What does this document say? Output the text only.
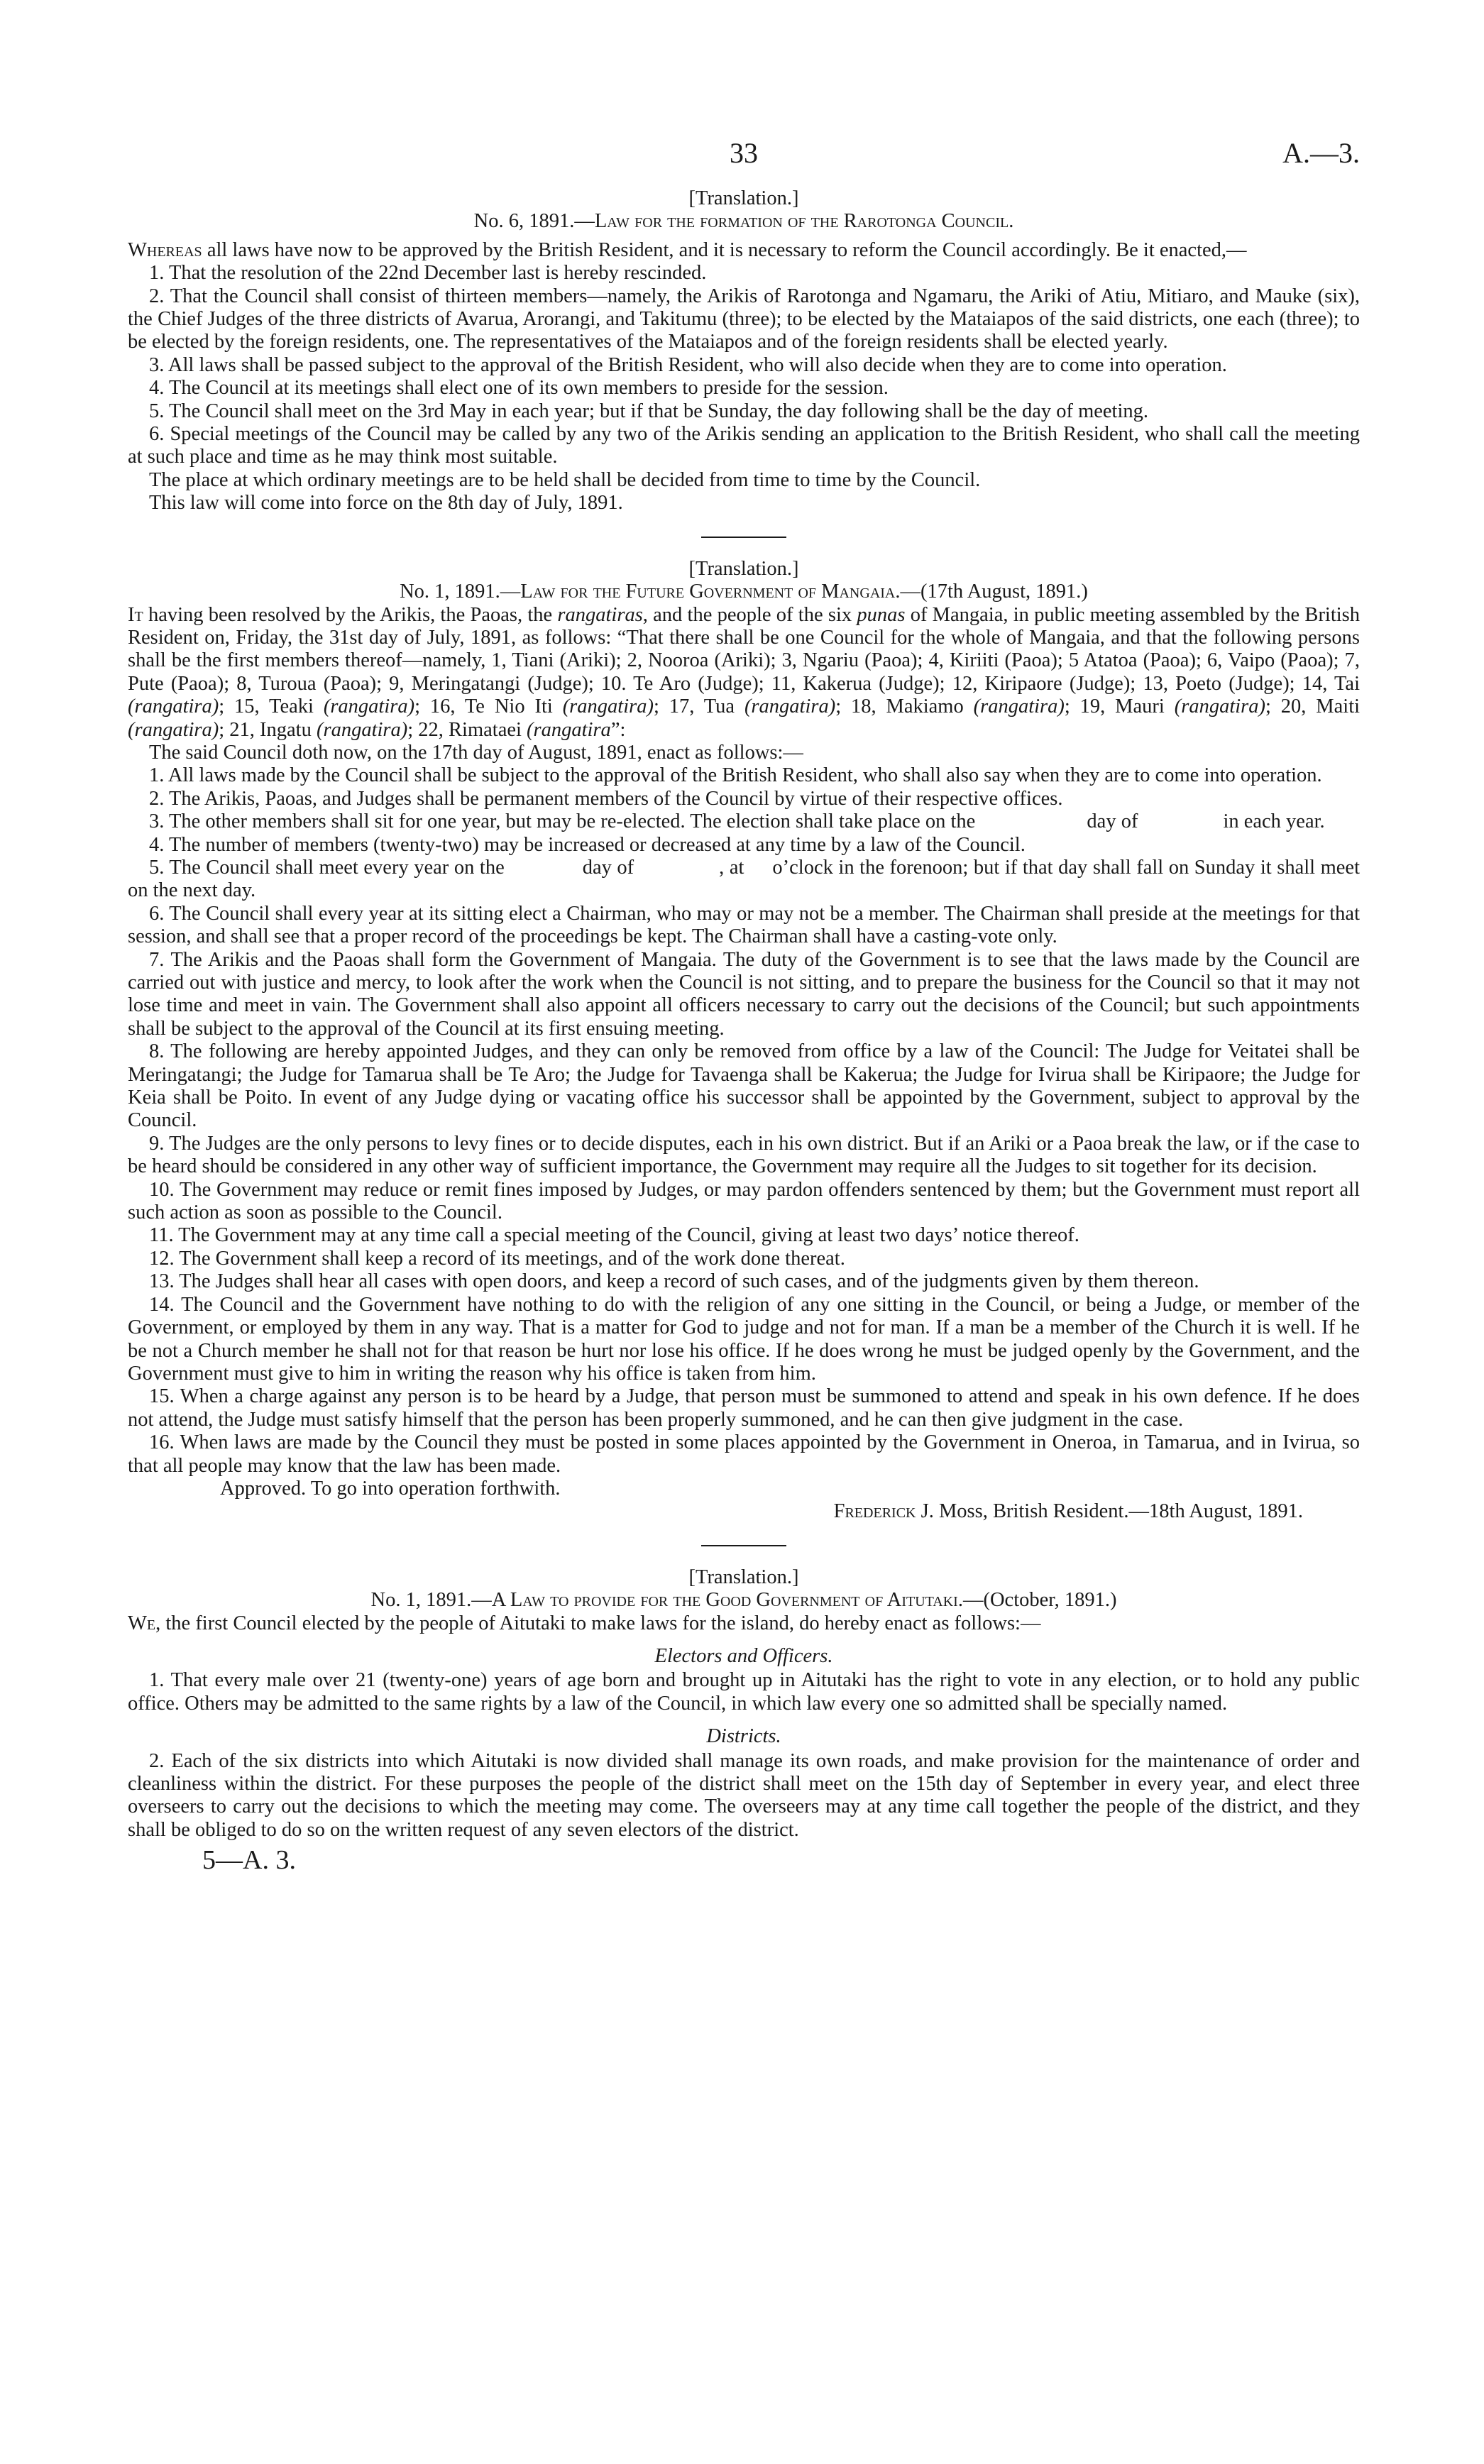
33	A.—3.

[Translation.]

No. 6, 1891.—Law for the formation of the Rarotonga Council.

Whereas all laws have now to be approved by the British Resident, and it is necessary to reform the Council accordingly. Be it enacted,—

1. That the resolution of the 22nd December last is hereby rescinded.

2. That the Council shall consist of thirteen members—namely, the Arikis of Rarotonga and Ngamaru, the Ariki of Atiu, Mitiaro, and Mauke (six), the Chief Judges of the three districts of Avarua, Arorangi, and Takitumu (three); to be elected by the Mataiapos of the said districts, one each (three); to be elected by the foreign residents, one. The representatives of the Mataiapos and of the foreign residents shall be elected yearly.

3. All laws shall be passed subject to the approval of the British Resident, who will also decide when they are to come into operation.

4. The Council at its meetings shall elect one of its own members to preside for the session.

5. The Council shall meet on the 3rd May in each year; but if that be Sunday, the day following shall be the day of meeting.

6. Special meetings of the Council may be called by any two of the Arikis sending an application to the British Resident, who shall call the meeting at such place and time as he may think most suitable.

The place at which ordinary meetings are to be held shall be decided from time to time by the Council.

This law will come into force on the 8th day of July, 1891.

[Translation.]

No. 1, 1891.—Law for the Future Government of Mangaia.—(17th August, 1891.)

It having been resolved by the Arikis, the Paoas, the rangatiras, and the people of the six punas of Mangaia, in public meeting assembled by the British Resident on, Friday, the 31st day of July, 1891, as follows: “That there shall be one Council for the whole of Mangaia, and that the following persons shall be the first members thereof—namely, 1, Tiani (Ariki); 2, Nooroa (Ariki); 3, Ngariu (Paoa); 4, Kiriiti (Paoa); 5 Atatoa (Paoa); 6, Vaipo (Paoa); 7, Pute (Paoa); 8, Turoua (Paoa); 9, Meringatangi (Judge); 10. Te Aro (Judge); 11, Kakerua (Judge); 12, Kiripaore (Judge); 13, Poeto (Judge); 14, Tai (rangatira); 15, Teaki (rangatira); 16, Te Nio Iti (rangatira); 17, Tua (rangatira); 18, Makiamo (rangatira); 19, Mauri (rangatira); 20, Maiti (rangatira); 21, Ingatu (rangatira); 22, Rimataei (rangatira”:

The said Council doth now, on the 17th day of August, 1891, enact as follows:—

1. All laws made by the Council shall be subject to the approval of the British Resident, who shall also say when they are to come into operation.

2. The Arikis, Paoas, and Judges shall be permanent members of the Council by virtue of their respective offices.

3. The other members shall sit for one year, but may be re-elected. The election shall take place on the	day of	in each year.

4. The number of members (twenty-two) may be increased or decreased at any time by a law of the Council.

5. The Council shall meet every year on the	day of	, at o’clock in the forenoon; but if that day shall fall on Sunday it shall meet on the next day.

6. The Council shall every year at its sitting elect a Chairman, who may or may not be a member. The Chairman shall preside at the meetings for that session, and shall see that a proper record of the proceedings be kept. The Chairman shall have a casting-vote only.

7. The Arikis and the Paoas shall form the Government of Mangaia. The duty of the Government is to see that the laws made by the Council are carried out with justice and mercy, to look after the work when the Council is not sitting, and to prepare the business for the Council so that it may not lose time and meet in vain. The Government shall also appoint all officers necessary to carry out the decisions of the Council; but such appointments shall be subject to the approval of the Council at its first ensuing meeting.

8. The following are hereby appointed Judges, and they can only be removed from office by a law of the Council: The Judge for Veitatei shall be Meringatangi; the Judge for Tamarua shall be Te Aro; the Judge for Tavaenga shall be Kakerua; the Judge for Ivirua shall be Kiripaore; the Judge for Keia shall be Poito. In event of any Judge dying or vacating office his successor shall be appointed by the Government, subject to approval by the Council.

9. The Judges are the only persons to levy fines or to decide disputes, each in his own district. But if an Ariki or a Paoa break the law, or if the case to be heard should be considered in any other way of sufficient importance, the Government may require all the Judges to sit together for its decision.

10. The Government may reduce or remit fines imposed by Judges, or may pardon offenders sentenced by them; but the Government must report all such action as soon as possible to the Council.

11. The Government may at any time call a special meeting of the Council, giving at least two days’ notice thereof.

12. The Government shall keep a record of its meetings, and of the work done thereat.

13. The Judges shall hear all cases with open doors, and keep a record of such cases, and of the judgments given by them thereon.

14. The Council and the Government have nothing to do with the religion of any one sitting in the Council, or being a Judge, or member of the Government, or employed by them in any way. That is a matter for God to judge and not for man. If a man be a member of the Church it is well. If he be not a Church member he shall not for that reason be hurt nor lose his office. If he does wrong he must be judged openly by the Government, and the Government must give to him in writing the reason why his office is taken from him.

15. When a charge against any person is to be heard by a Judge, that person must be summoned to attend and speak in his own defence. If he does not attend, the Judge must satisfy himself that the person has been properly summoned, and he can then give judgment in the case.

16. When laws are made by the Council they must be posted in some places appointed by the Government in Oneroa, in Tamarua, and in Ivirua, so that all people may know that the law has been made.

Approved. To go into operation forthwith.

Frederick J. Moss, British Resident.—18th August, 1891.

[Translation.]

No. 1, 1891.—A Law to provide for the Good Government of Aitutaki.—(October, 1891.)

We, the first Council elected by the people of Aitutaki to make laws for the island, do hereby enact as follows:—

Electors and Officers.

1. That every male over 21 (twenty-one) years of age born and brought up in Aitutaki has the right to vote in any election, or to hold any public office. Others may be admitted to the same rights by a law of the Council, in which law every one so admitted shall be specially named.

Districts.

2. Each of the six districts into which Aitutaki is now divided shall manage its own roads, and make provision for the maintenance of order and cleanliness within the district. For these purposes the people of the district shall meet on the 15th day of September in every year, and elect three overseers to carry out the decisions to which the meeting may come. The overseers may at any time call together the people of the district, and they shall be obliged to do so on the written request of any seven electors of the district.

5—A. 3.
